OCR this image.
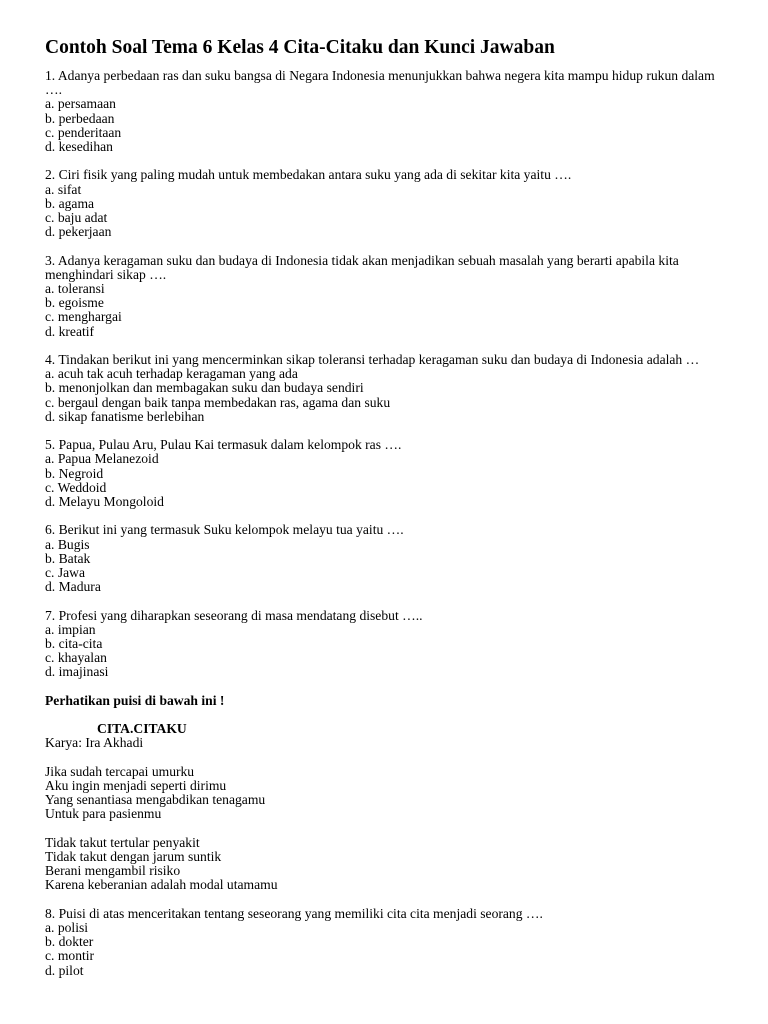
Contoh Soal Tema 6 Kelas 4 Cita-Citaku dan Kunci Jawaban
1. Adanya perbedaan ras dan suku bangsa di Negara Indonesia menunjukkan bahwa negera kita mampu hidup rukun dalam ….
a. persamaan
b. perbedaan
c. penderitaan
d. kesedihan
2. Ciri fisik yang paling mudah untuk membedakan antara suku yang ada di sekitar kita yaitu ….
a. sifat
b. agama
c. baju adat
d. pekerjaan
3. Adanya keragaman suku dan budaya di Indonesia tidak akan menjadikan sebuah masalah yang berarti apabila kita menghindari sikap ….
a. toleransi
b. egoisme
c. menghargai
d. kreatif
4. Tindakan berikut ini yang mencerminkan sikap toleransi terhadap keragaman suku dan budaya di Indonesia adalah …
a. acuh tak acuh terhadap keragaman yang ada
b. menonjolkan dan membagakan suku dan budaya sendiri
c. bergaul dengan baik tanpa membedakan ras, agama dan suku
d. sikap fanatisme berlebihan
5. Papua, Pulau Aru, Pulau Kai termasuk dalam kelompok ras ….
a. Papua Melanezoid
b. Negroid
c. Weddoid
d. Melayu Mongoloid
6. Berikut ini yang termasuk Suku kelompok melayu tua yaitu ….
a. Bugis
b. Batak
c. Jawa
d. Madura
7. Profesi yang diharapkan seseorang di masa mendatang disebut …..
a. impian
b. cita-cita
c. khayalan
d. imajinasi
Perhatikan puisi di bawah ini !
CITA.CITAKU
Karya: Ira Akhadi
Jika sudah tercapai umurku
Aku ingin menjadi seperti dirimu
Yang senantiasa mengabdikan tenagamu
Untuk para pasienmu
Tidak takut tertular penyakit
Tidak takut dengan jarum suntik
Berani mengambil risiko
Karena keberanian adalah modal utamamu
8. Puisi di atas menceritakan tentang seseorang yang memiliki cita cita menjadi seorang ….
a. polisi
b. dokter
c. montir
d. pilot
